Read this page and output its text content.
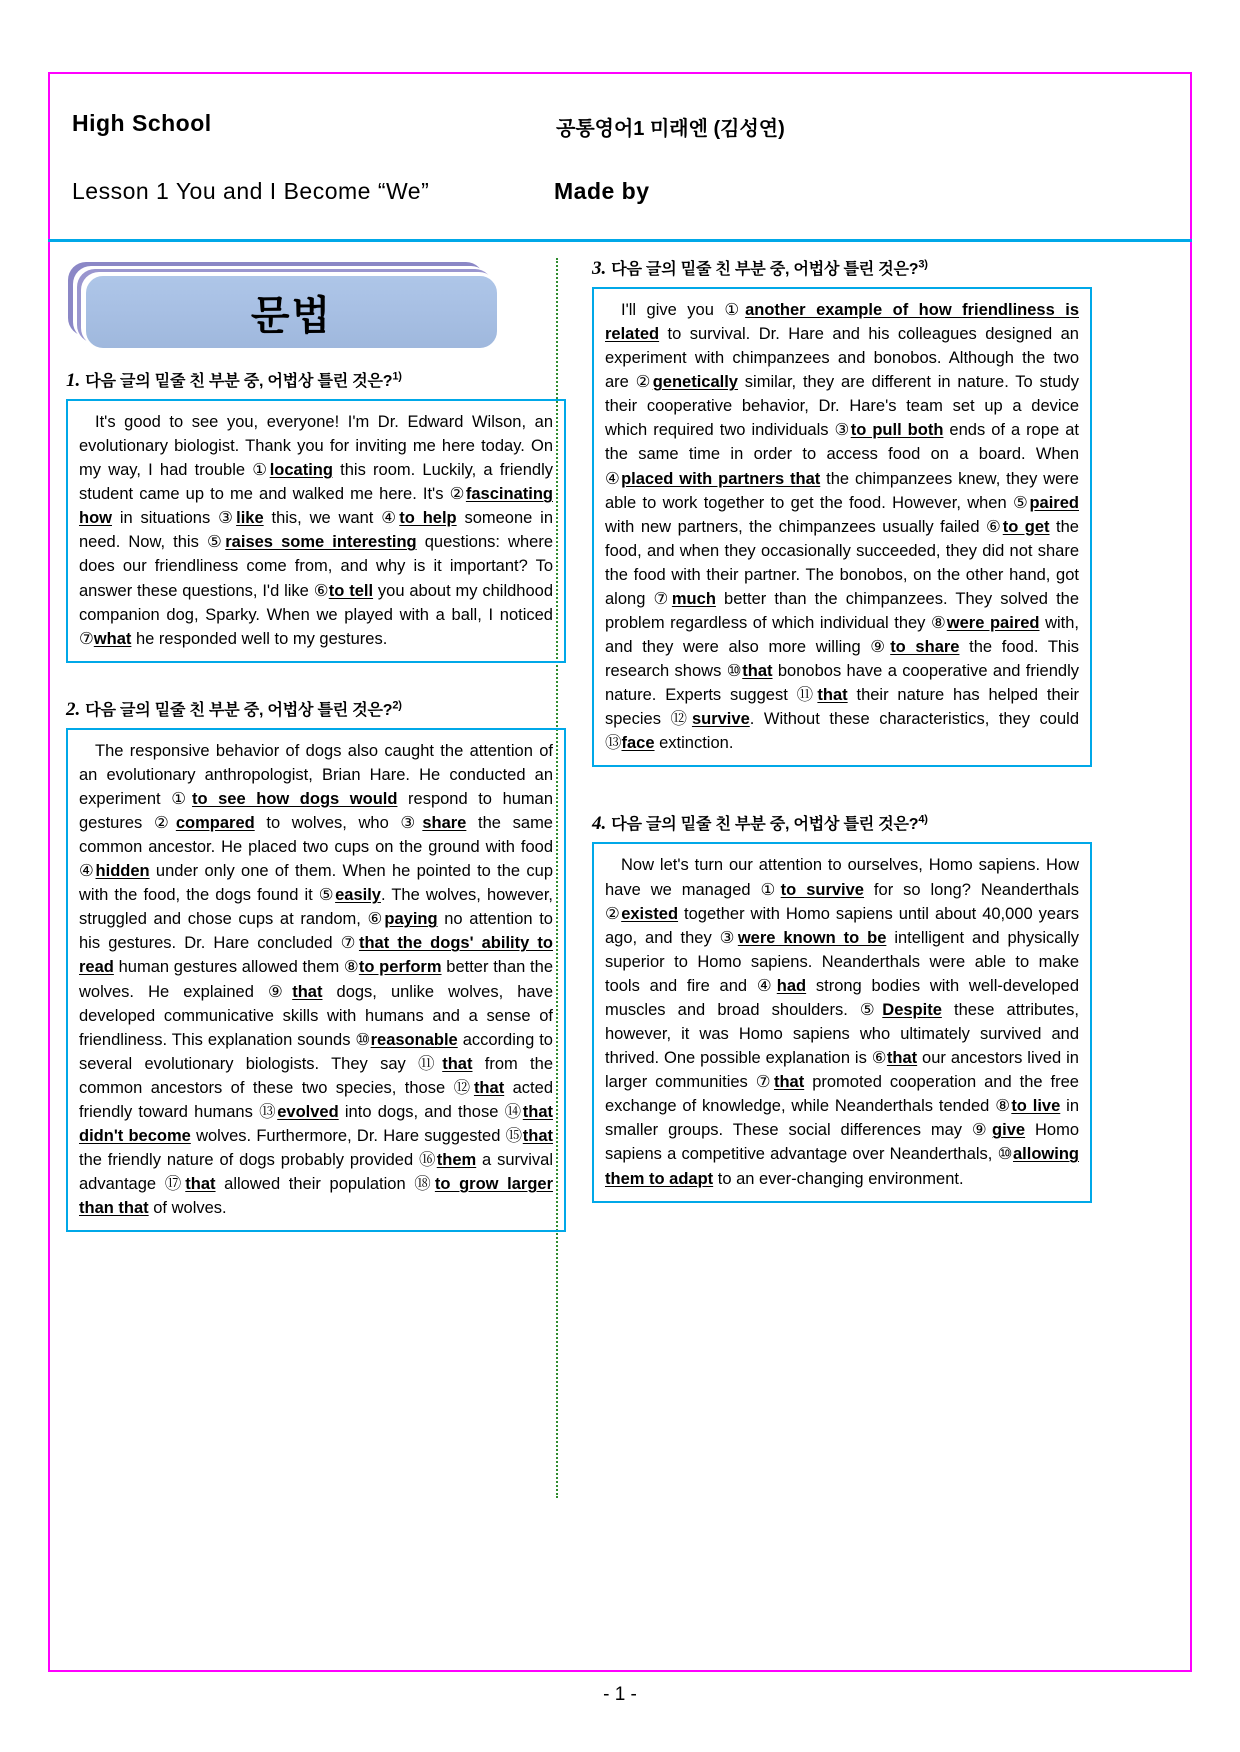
High School	공통영어1 미래엔 (김성연)
Lesson 1 You and I Become “We”	Made by
문법
1. 다음 글의 밑줄 친 부분 중, 어법상 틀린 것은?$^{1)}$
It's good to see you, everyone! I'm Dr. Edward Wilson, an evolutionary biologist. Thank you for inviting me here today. On my way, I had trouble ①locating this room. Luckily, a friendly student came up to me and walked me here. It's ②fascinating how in situations ③like this, we want ④to help someone in need. Now, this ⑤raises some interesting questions: where does our friendliness come from, and why is it important? To answer these questions, I'd like ⑥to tell you about my childhood companion dog, Sparky. When we played with a ball, I noticed ⑦what he responded well to my gestures.
2. 다음 글의 밑줄 친 부분 중, 어법상 틀린 것은?$^{2)}$
The responsive behavior of dogs also caught the attention of an evolutionary anthropologist, Brian Hare. He conducted an experiment ①to see how dogs would respond to human gestures ②compared to wolves, who ③share the same common ancestor. He placed two cups on the ground with food ④hidden under only one of them. When he pointed to the cup with the food, the dogs found it ⑤easily. The wolves, however, struggled and chose cups at random, ⑥paying no attention to his gestures. Dr. Hare concluded ⑦that the dogs' ability to read human gestures allowed them ⑧to perform better than the wolves. He explained ⑨that dogs, unlike wolves, have developed communicative skills with humans and a sense of friendliness. This explanation sounds ⑩reasonable according to several evolutionary biologists. They say ⑪that from the common ancestors of these two species, those ⑫that acted friendly toward humans ⑬evolved into dogs, and those ⑭that didn't become wolves. Furthermore, Dr. Hare suggested ⑮that the friendly nature of dogs probably provided ⑯them a survival advantage ⑰that allowed their population ⑱to grow larger than that of wolves.
3. 다음 글의 밑줄 친 부분 중, 어법상 틀린 것은?$^{3)}$
I'll give you ①another example of how friendliness is related to survival. Dr. Hare and his colleagues designed an experiment with chimpanzees and bonobos. Although the two are ②genetically similar, they are different in nature. To study their cooperative behavior, Dr. Hare's team set up a device which required two individuals ③to pull both ends of a rope at the same time in order to access food on a board. When ④placed with partners that the chimpanzees knew, they were able to work together to get the food. However, when ⑤paired with new partners, the chimpanzees usually failed ⑥to get the food, and when they occasionally succeeded, they did not share the food with their partner. The bonobos, on the other hand, got along ⑦much better than the chimpanzees. They solved the problem regardless of which individual they ⑧were paired with, and they were also more willing ⑨to share the food. This research shows ⑩that bonobos have a cooperative and friendly nature. Experts suggest ⑪that their nature has helped their species ⑫survive. Without these characteristics, they could ⑬face extinction.
4. 다음 글의 밑줄 친 부분 중, 어법상 틀린 것은?$^{4)}$
Now let's turn our attention to ourselves, Homo sapiens. How have we managed ①to survive for so long? Neanderthals ②existed together with Homo sapiens until about 40,000 years ago, and they ③were known to be intelligent and physically superior to Homo sapiens. Neanderthals were able to make tools and fire and ④had strong bodies with well-developed muscles and broad shoulders. ⑤Despite these attributes, however, it was Homo sapiens who ultimately survived and thrived. One possible explanation is ⑥that our ancestors lived in larger communities ⑦that promoted cooperation and the free exchange of knowledge, while Neanderthals tended ⑧to live in smaller groups. These social differences may ⑨give Homo sapiens a competitive advantage over Neanderthals, ⑩allowing them to adapt to an ever-changing environment.
- 1 -
